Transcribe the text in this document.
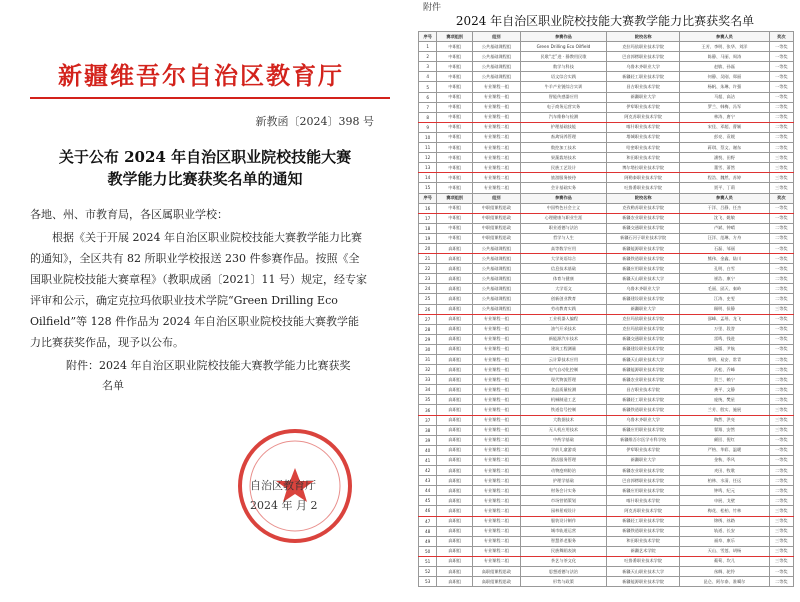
新疆维吾尔自治区教育厅
新教函〔2024〕398 号
关于公布 2024 年自治区职业院校技能大赛
教学能力比赛获奖名单的通知
各地、州、市教育局，各区属职业学校：
根据《关于开展 2024 年自治区职业院校技能大赛教学能力比赛的通知》，全区共有 82 所职业学校报送 230 件参赛作品。按照《全国职业院校技能大赛章程》（教职成函〔2021〕11 号）规定，经专家评审和公示，确定克拉玛依职业技术学院“Green Drilling Eco Oilfield”等 128 件作品为 2024 年自治区职业院校技能大赛教学能力比赛获奖作品，现予以公布。
附件：2024 年自治区职业院校技能大赛教学能力比赛获奖
名单
自治区教育厅
2024 年 月 2
附件
2024 年自治区职业院校技能大赛教学能力比赛获奖名单
序号	赛项组别	组别	参赛作品	院校名称	参赛人员	奖次
1	中职组	公共基础课程组	Green Drilling Eco Oilfield	克拉玛依职业技术学院	王芳、李明、张华、刘洋	一等奖
2	中职组	公共基础课程组	民歌“走”进 · 静教用民歌	巴音郭楞职业技术学院	陈静、马丽、周涛	一等奖
3	中职组	公共基础课程组	数学与科技	乌鲁木齐职业大学	赵敏、孙磊	一等奖
4	中职组	公共基础课程组	语文综合实践	新疆轻工职业技术学院	何静、吴刚、郑丽	一等奖
5	中职组	专业课程一组	牛羊产业链综合实训	昌吉职业技术学院	杨帆、朱琳、许强	一等奖
6	中职组	专业课程一组	智能传感器应用	新疆职业大学	马超、高洁	一等奖
7	中职组	专业课程一组	电子商务运营实务	伊犁职业技术学院	罗兰、韩梅、冯军	二等奖
8	中职组	专业课程一组	汽车维修与检测	阿克苏职业技术学院	林涛、唐宁	二等奖
9	中职组	专业课程二组	护理基础技能	喀什职业技术学院	宋佳、邓超、曹颖	二等奖
10	中职组	专业课程二组	畜禽饲养管理	塔城职业技术学院	彭亮、袁媛	二等奖
11	中职组	专业课程二组	数控加工技术	哈密职业技术学院	蒋琪、蔡文、谢东	二等奖
12	中职组	专业课程二组	果蔬栽培技术	和田职业技术学院	潘悦、田野	三等奖
13	中职组	专业课程二组	民族工艺设计	博尔塔拉职业技术学院	董雪、萧然	三等奖
14	中职组	专业课程二组	旅游服务接待	阿勒泰职业技术学院	程浩、魏然、苏婷	三等奖
15	中职组	专业课程二组	会计基础实务	吐鲁番职业技术学院	贾平、丁莉	三等奖
序号	赛项组别	组别	参赛作品	院校名称	参赛人员	奖次
16	中职组	中职组课程思政	中国特色社会主义	克孜勒苏职业技术学院	于洋、吕静、任杰	一等奖
17	中职组	中职组课程思政	心理健康与职业生涯	新疆农业职业技术学院	沈飞、姚敏	一等奖
18	中职组	中职组课程思政	职业道德与法治	新疆交通职业技术学院	卢斌、钟晴	二等奖
19	中职组	中职组课程思政	哲学与人生	新疆石河子职业技术学院	汪洋、范琳、方舟	二等奖
20	高职组	公共基础课程组	高等数学应用	新疆能源职业技术学院	石磊、邹丽	一等奖
21	高职组	公共基础课程组	大学英语综合	新疆铁道职业技术学院	熊伟、金鑫、陆川	一等奖
22	高职组	公共基础课程组	信息技术基础	新疆应用职业技术学院	孔明、白雪	一等奖
23	高职组	公共基础课程组	体育与健康	新疆天山职业技术大学	崔浩、康宁	二等奖
24	高职组	公共基础课程组	大学语文	乌鲁木齐职业大学	毛丽、邱天、秦岭	二等奖
25	高职组	公共基础课程组	创新创业教育	新疆建设职业技术学院	江涛、史雯	二等奖
26	高职组	公共基础课程组	劳动教育实践	新疆职业大学	顾明、侯静	三等奖
27	高职组	专业课程一组	工业机器人编程	克拉玛依职业技术学院	邵峰、孟瑶、龙飞	一等奖
28	高职组	专业课程一组	油气开采技术	克拉玛依职业技术学院	万里、段誉	一等奖
29	高职组	专业课程一组	新能源汽车技术	新疆交通职业技术学院	雷鸣、钱进	一等奖
30	高职组	专业课程一组	建筑工程测量	新疆建设职业技术学院	汤圆、尹航	一等奖
31	高职组	专业课程一组	云计算技术应用	新疆天山职业技术大学	黎明、易安、常青	二等奖
32	高职组	专业课程一组	电气自动化控制	新疆能源职业技术学院	武松、乔峰	二等奖
33	高职组	专业课程一组	现代物流管理	新疆农业职业技术学院	贺兰、赖宁	二等奖
34	高职组	专业课程一组	食品质量检测	昌吉职业技术学院	龚平、文静	二等奖
35	高职组	专业课程一组	机械制造工艺	新疆轻工职业技术学院	庞统、樊星	二等奖
36	高职组	专业课程一组	铁道信号控制	新疆铁道职业技术学院	兰芳、殷实、施展	三等奖
37	高职组	专业课程一组	大数据技术	乌鲁木齐职业大学	陶然、洪亮	三等奖
38	高职组	专业课程一组	无人机应用技术	新疆应用职业技术学院	翟翔、安然	三等奖
39	高职组	专业课程二组	中药学基础	新疆维吾尔医学专科学校	颜回、倪红	一等奖
40	高职组	专业课程二组	学前儿童游戏	伊犁职业技术学院	严格、华彩、温暖	一等奖
41	高职组	专业课程二组	酒店服务管理	新疆职业大学	金秋、季风	一等奖
42	高职组	专业课程二组	动物疫病防治	新疆农业职业技术学院	麦田、牧歌	二等奖
43	高职组	专业课程二组	护理学基础	巴音郭楞职业技术学院	柏林、水清、任远	二等奖
44	高职组	专业课程二组	财务会计实务	新疆应用职业技术学院	钟鸣、纪元	二等奖
45	高职组	专业课程二组	市场营销策划	喀什职业技术学院	申展、戈壁	二等奖
46	高职组	专业课程二组	园林景观设计	阿克苏职业技术学院	梅花、松柏、竹林	三等奖
47	高职组	专业课程二组	服装设计制作	新疆轻工职业技术学院	锦绣、丝路	三等奖
48	高职组	专业课程二组	城市轨道运营	新疆铁道职业技术学院	轨道、长安	三等奖
49	高职组	专业课程二组	智慧养老服务	和田职业技术学院	福寿、康乐	三等奖
50	高职组	专业课程二组	民族舞蹈表演	新疆艺术学院	天山、雪莲、胡杨	三等奖
51	高职组	专业课程二组	茶艺与茶文化	吐鲁番职业技术学院	葡萄、坎儿	三等奖
52	高职组	高职组课程思政	思想道德与法治	新疆天山职业技术大学	丝绸、驼铃	一等奖
53	高职组	高职组课程思政	形势与政策	新疆能源职业技术学院	昆仑、阿尔泰、准噶尔	二等奖
